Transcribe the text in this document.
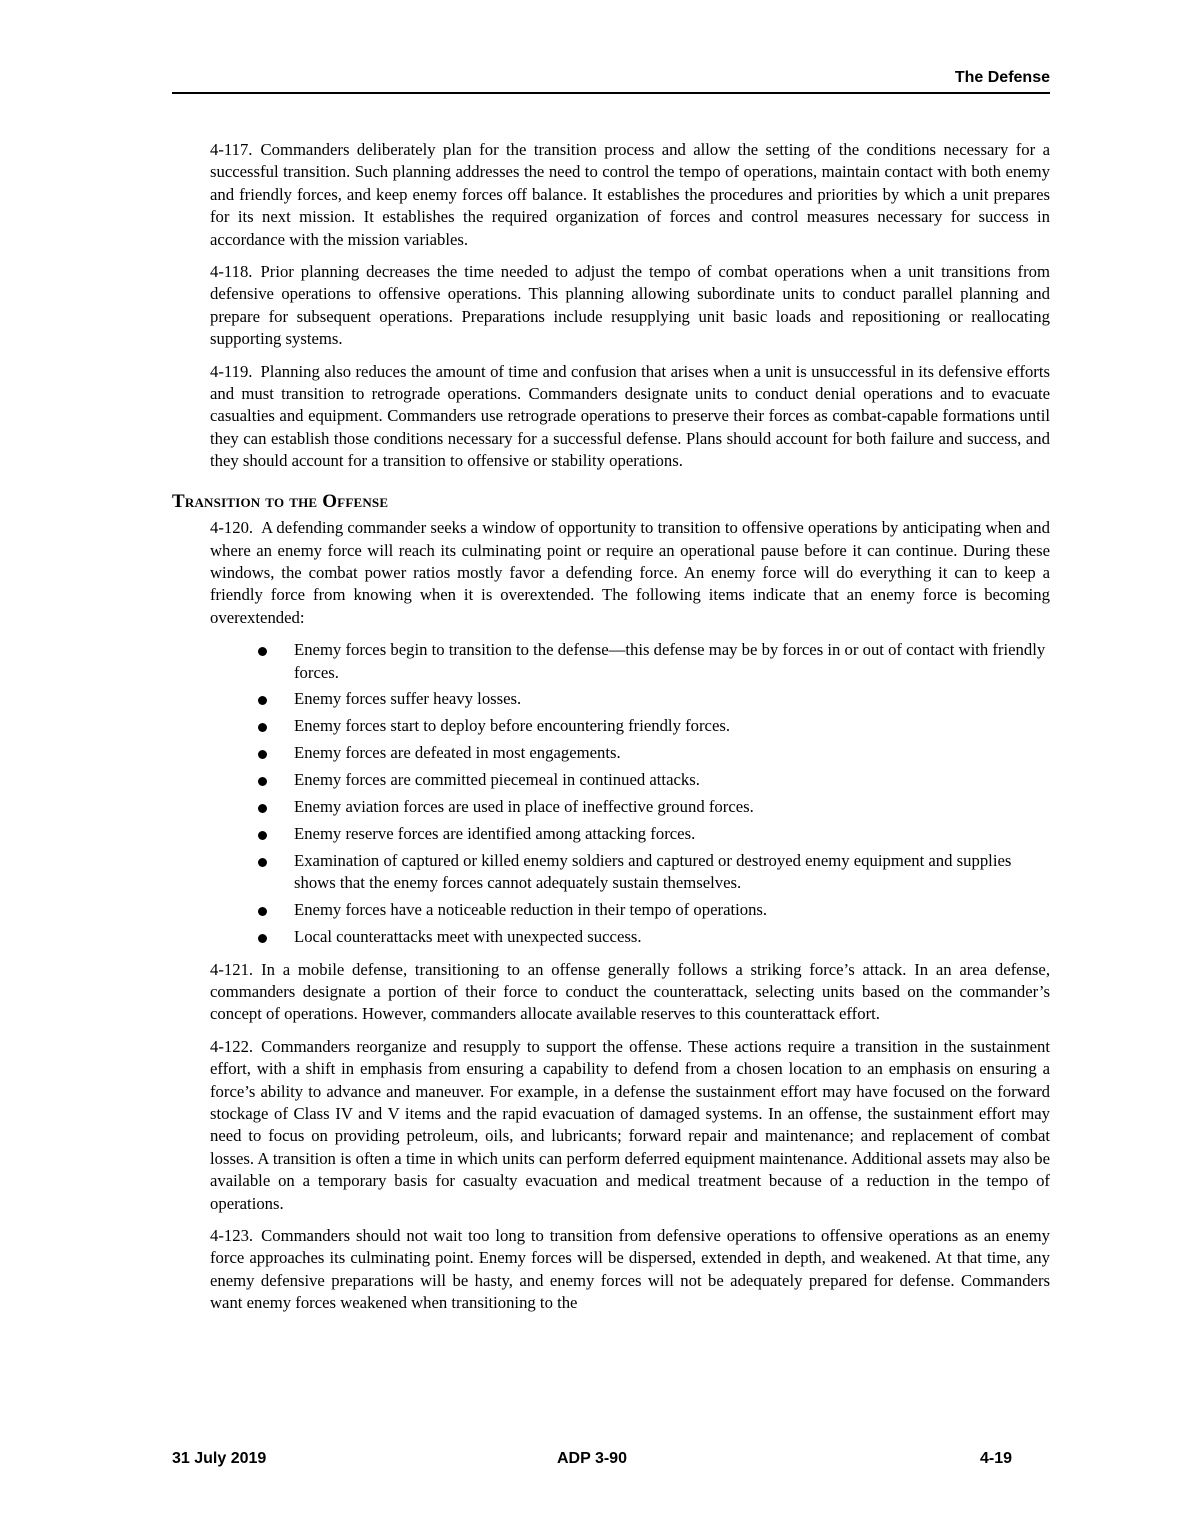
The Defense

4-117. Commanders deliberately plan for the transition process and allow the setting of the conditions necessary for a successful transition. Such planning addresses the need to control the tempo of operations, maintain contact with both enemy and friendly forces, and keep enemy forces off balance. It establishes the procedures and priorities by which a unit prepares for its next mission. It establishes the required organization of forces and control measures necessary for success in accordance with the mission variables.

4-118. Prior planning decreases the time needed to adjust the tempo of combat operations when a unit transitions from defensive operations to offensive operations. This planning allowing subordinate units to conduct parallel planning and prepare for subsequent operations. Preparations include resupplying unit basic loads and repositioning or reallocating supporting systems.

4-119. Planning also reduces the amount of time and confusion that arises when a unit is unsuccessful in its defensive efforts and must transition to retrograde operations. Commanders designate units to conduct denial operations and to evacuate casualties and equipment. Commanders use retrograde operations to preserve their forces as combat-capable formations until they can establish those conditions necessary for a successful defense. Plans should account for both failure and success, and they should account for a transition to offensive or stability operations.

Transition to the Offense

4-120. A defending commander seeks a window of opportunity to transition to offensive operations by anticipating when and where an enemy force will reach its culminating point or require an operational pause before it can continue. During these windows, the combat power ratios mostly favor a defending force. An enemy force will do everything it can to keep a friendly force from knowing when it is overextended. The following items indicate that an enemy force is becoming overextended:

Enemy forces begin to transition to the defense—this defense may be by forces in or out of contact with friendly forces.
Enemy forces suffer heavy losses.
Enemy forces start to deploy before encountering friendly forces.
Enemy forces are defeated in most engagements.
Enemy forces are committed piecemeal in continued attacks.
Enemy aviation forces are used in place of ineffective ground forces.
Enemy reserve forces are identified among attacking forces.
Examination of captured or killed enemy soldiers and captured or destroyed enemy equipment and supplies shows that the enemy forces cannot adequately sustain themselves.
Enemy forces have a noticeable reduction in their tempo of operations.
Local counterattacks meet with unexpected success.

4-121. In a mobile defense, transitioning to an offense generally follows a striking force’s attack. In an area defense, commanders designate a portion of their force to conduct the counterattack, selecting units based on the commander’s concept of operations. However, commanders allocate available reserves to this counterattack effort.

4-122. Commanders reorganize and resupply to support the offense. These actions require a transition in the sustainment effort, with a shift in emphasis from ensuring a capability to defend from a chosen location to an emphasis on ensuring a force’s ability to advance and maneuver. For example, in a defense the sustainment effort may have focused on the forward stockage of Class IV and V items and the rapid evacuation of damaged systems. In an offense, the sustainment effort may need to focus on providing petroleum, oils, and lubricants; forward repair and maintenance; and replacement of combat losses. A transition is often a time in which units can perform deferred equipment maintenance. Additional assets may also be available on a temporary basis for casualty evacuation and medical treatment because of a reduction in the tempo of operations.

4-123. Commanders should not wait too long to transition from defensive operations to offensive operations as an enemy force approaches its culminating point. Enemy forces will be dispersed, extended in depth, and weakened. At that time, any enemy defensive preparations will be hasty, and enemy forces will not be adequately prepared for defense. Commanders want enemy forces weakened when transitioning to the

31 July 2019	ADP 3-90	4-19
